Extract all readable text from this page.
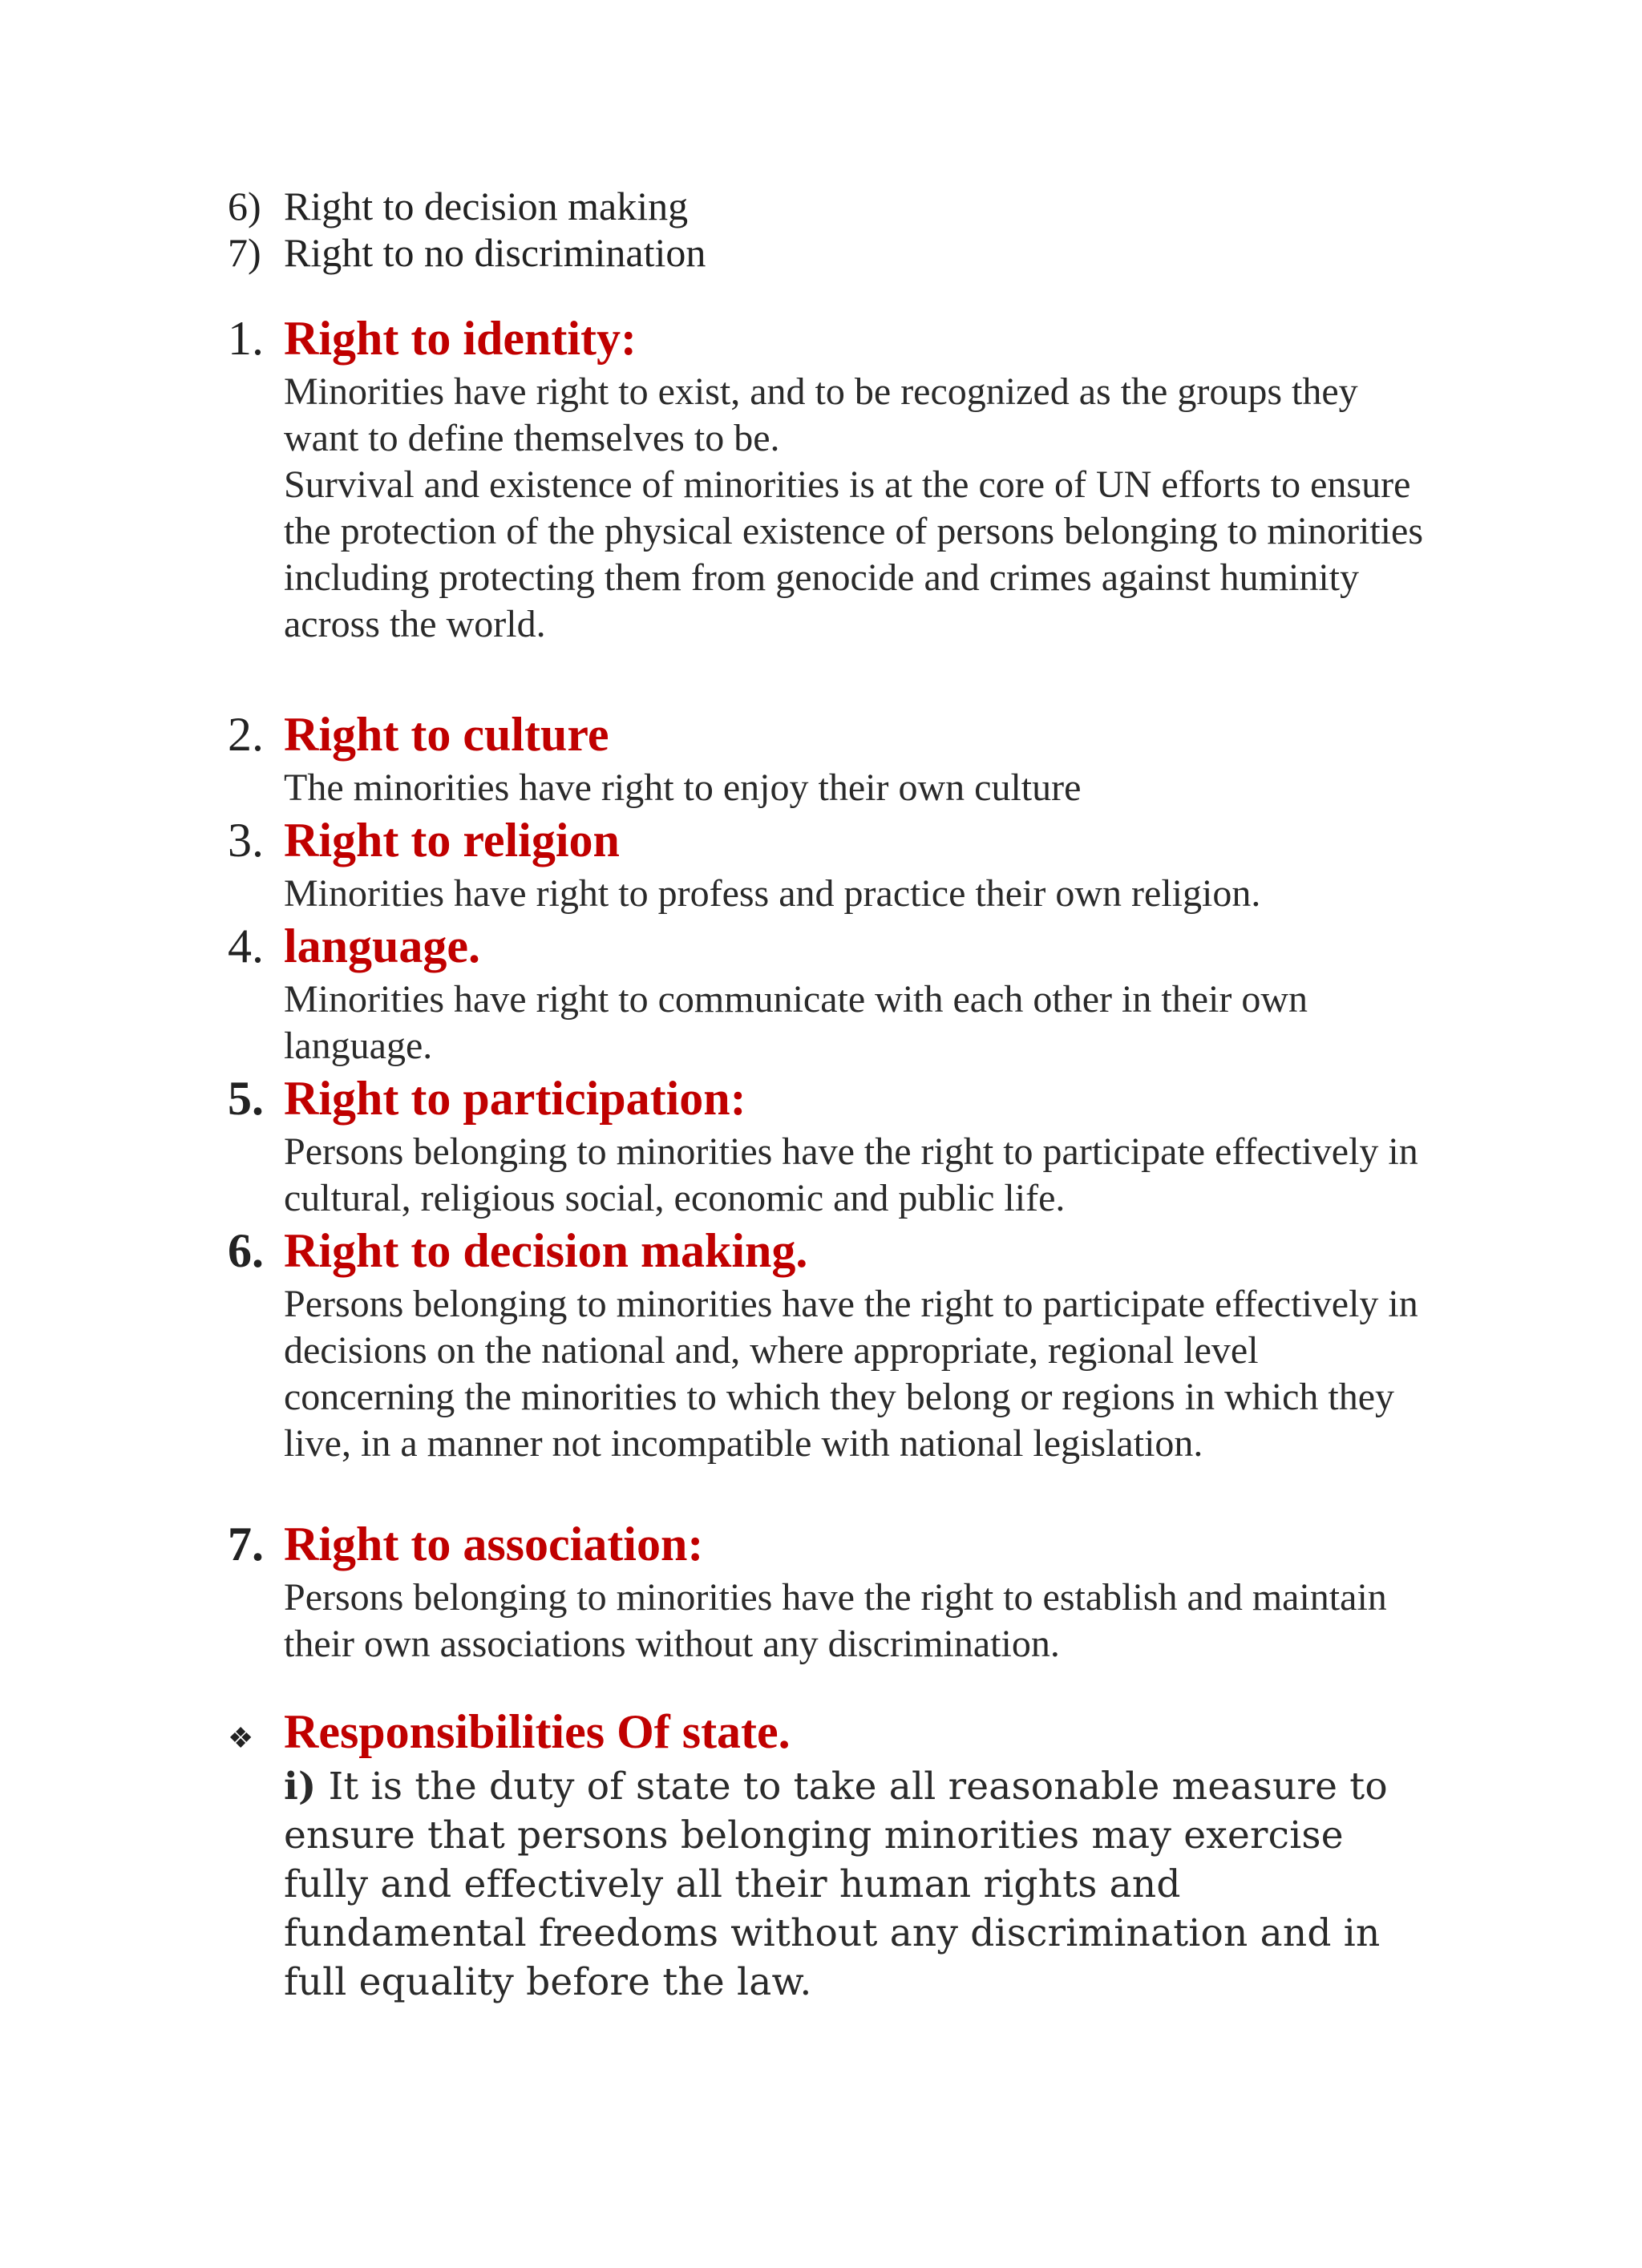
6) Right to decision making
7) Right to no discrimination
1. Right to identity:

Minorities have right to exist, and to be recognized as the groups they want to define themselves to be.

Survival and existence of minorities is at the core of UN efforts to ensure the protection of the physical existence of persons belonging to minorities including protecting them from genocide and crimes against huminity across the world.

2. Right to culture

The minorities have right to enjoy their own culture

3. Right to religion

Minorities have right to profess and practice their own religion.

4. language.

Minorities have right to communicate with each other in their own language.

5. Right to participation:

Persons belonging to minorities have the right to participate effectively in cultural, religious social, economic and public life.

6. Right to decision making.

Persons belonging to minorities have the right to participate effectively in decisions on the national and, where appropriate, regional level concerning the minorities to which they belong or regions in which they live, in a manner not incompatible with national legislation.

7. Right to association:

Persons belonging to minorities have the right to establish and maintain their own associations without any discrimination.

❖ Responsibilities Of state.
i) It is the duty of state to take all reasonable measure to ensure that persons belonging minorities may exercise fully and effectively all their human rights and fundamental freedoms without any discrimination and in full equality before the law.
